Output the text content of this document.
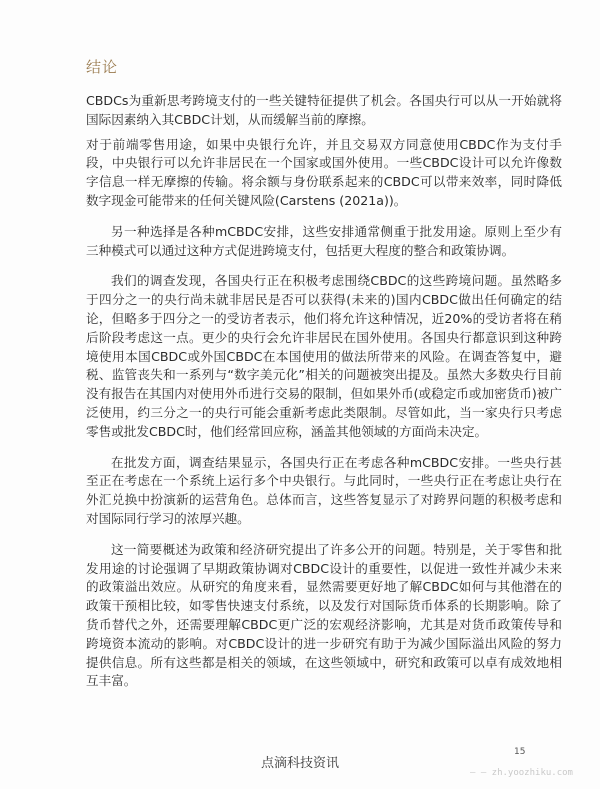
结论

CBDCs为重新思考跨境支付的一些关键特征提供了机会。各国央行可以从一开始就将国际因素纳入其CBDC计划，从而缓解当前的摩擦。

对于前端零售用途，如果中央银行允许，并且交易双方同意使用CBDC作为支付手段，中央银行可以允许非居民在一个国家或国外使用。一些CBDC设计可以允许像数字信息一样无摩擦的传输。将余额与身份联系起来的CBDC可以带来效率，同时降低数字现金可能带来的任何关键风险(Carstens (2021a))。

另一种选择是各种mCBDC安排，这些安排通常侧重于批发用途。原则上至少有三种模式可以通过这种方式促进跨境支付，包括更大程度的整合和政策协调。

我们的调查发现，各国央行正在积极考虑围绕CBDC的这些跨境问题。虽然略多于四分之一的央行尚未就非居民是否可以获得(未来的)国内CBDC做出任何确定的结论，但略多于四分之一的受访者表示，他们将允许这种情况，近20%的受访者将在稍后阶段考虑这一点。更少的央行会允许非居民在国外使用。各国央行都意识到这种跨境使用本国CBDC或外国CBDC在本国使用的做法所带来的风险。在调查答复中，避税、监管丧失和一系列与“数字美元化”相关的问题被突出提及。虽然大多数央行目前没有报告在其国内对使用外币进行交易的限制，但如果外币(或稳定币或加密货币)被广泛使用，约三分之一的央行可能会重新考虑此类限制。尽管如此，当一家央行只考虑零售或批发CBDC时，他们经常回应称，涵盖其他领域的方面尚未决定。

在批发方面，调查结果显示，各国央行正在考虑各种mCBDC安排。一些央行甚至正在考虑在一个系统上运行多个中央银行。与此同时，一些央行正在考虑让央行在外汇兑换中扮演新的运营角色。总体而言，这些答复显示了对跨界问题的积极考虑和对国际同行学习的浓厚兴趣。

这一简要概述为政策和经济研究提出了许多公开的问题。特别是，关于零售和批发用途的讨论强调了早期政策协调对CBDC设计的重要性，以促进一致性并减少未来的政策溢出效应。从研究的角度来看，显然需要更好地了解CBDC如何与其他潜在的政策干预相比较，如零售快速支付系统，以及发行对国际货币体系的长期影响。除了货币替代之外，还需要理解CBDC更广泛的宏观经济影响，尤其是对货币政策传导和跨境资本流动的影响。对CBDC设计的进一步研究有助于为减少国际溢出风险的努力提供信息。所有这些都是相关的领域，在这些领域中，研究和政策可以卓有成效地相互丰富。

15
点滴科技资讯
— — zh.yoozhiku.com
